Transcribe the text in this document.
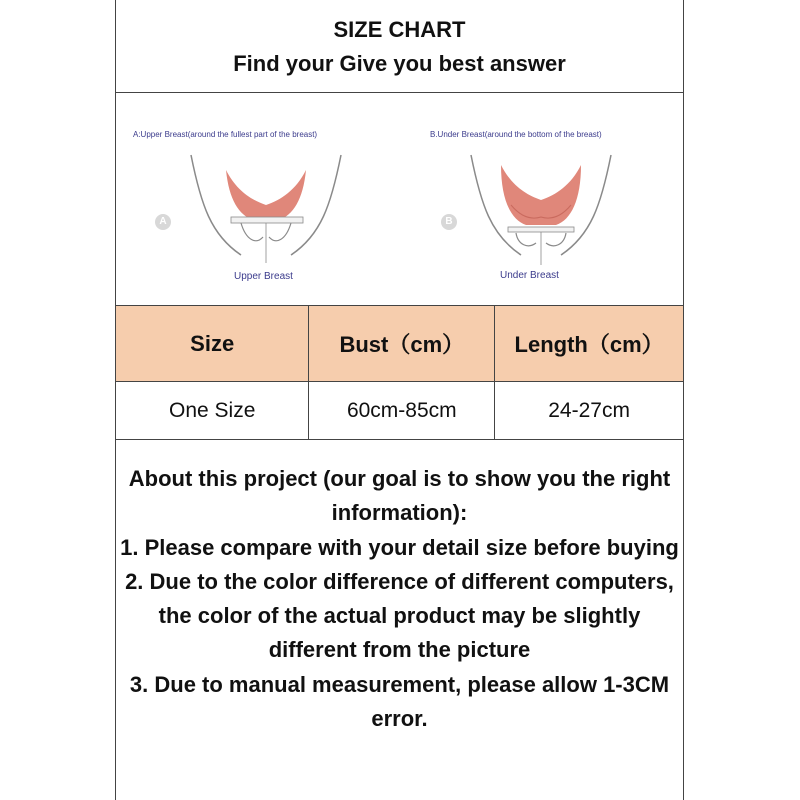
SIZE CHART
Find your Give you best answer
A:Upper Breast(around the fullest part of the breast)	B.Under Breast(around the bottom of the breast)
A	B
Upper Breast	Under Breast
Size	Bust（cm）	Length（cm）
One Size	60cm-85cm	24-27cm

About this project (our goal is to show you the right information):

1. Please compare with your detail size before buying

2. Due to the color difference of different computers, the color of the actual product may be slightly different from the picture

3. Due to manual measurement, please allow 1-3CM error.
